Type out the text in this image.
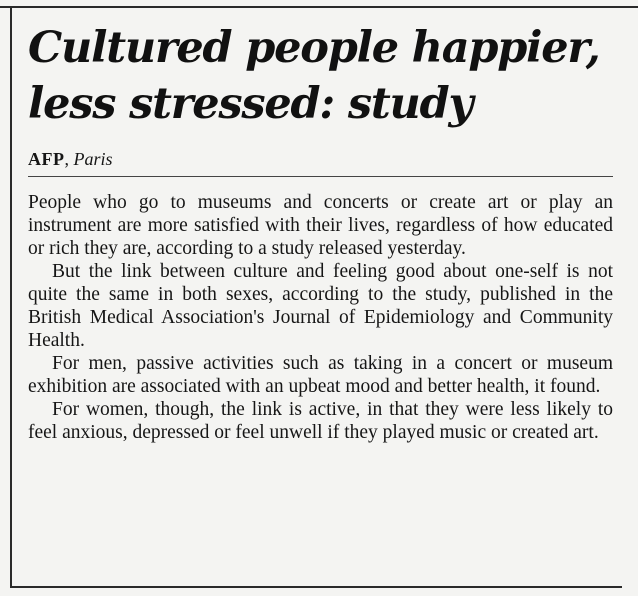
Cultured people happier,
less stressed: study
AFP, Paris

People who go to museums and concerts or create art or play an instrument are more satisfied with their lives, regardless of how educated or rich they are, according to a study released yesterday.

But the link between culture and feeling good about one-self is not quite the same in both sexes, according to the study, published in the British Medical Association's Journal of Epidemiology and Community Health.

For men, passive activities such as taking in a concert or museum exhibition are associated with an upbeat mood and better health, it found.

For women, though, the link is active, in that they were less likely to feel anxious, depressed or feel unwell if they played music or created art.
